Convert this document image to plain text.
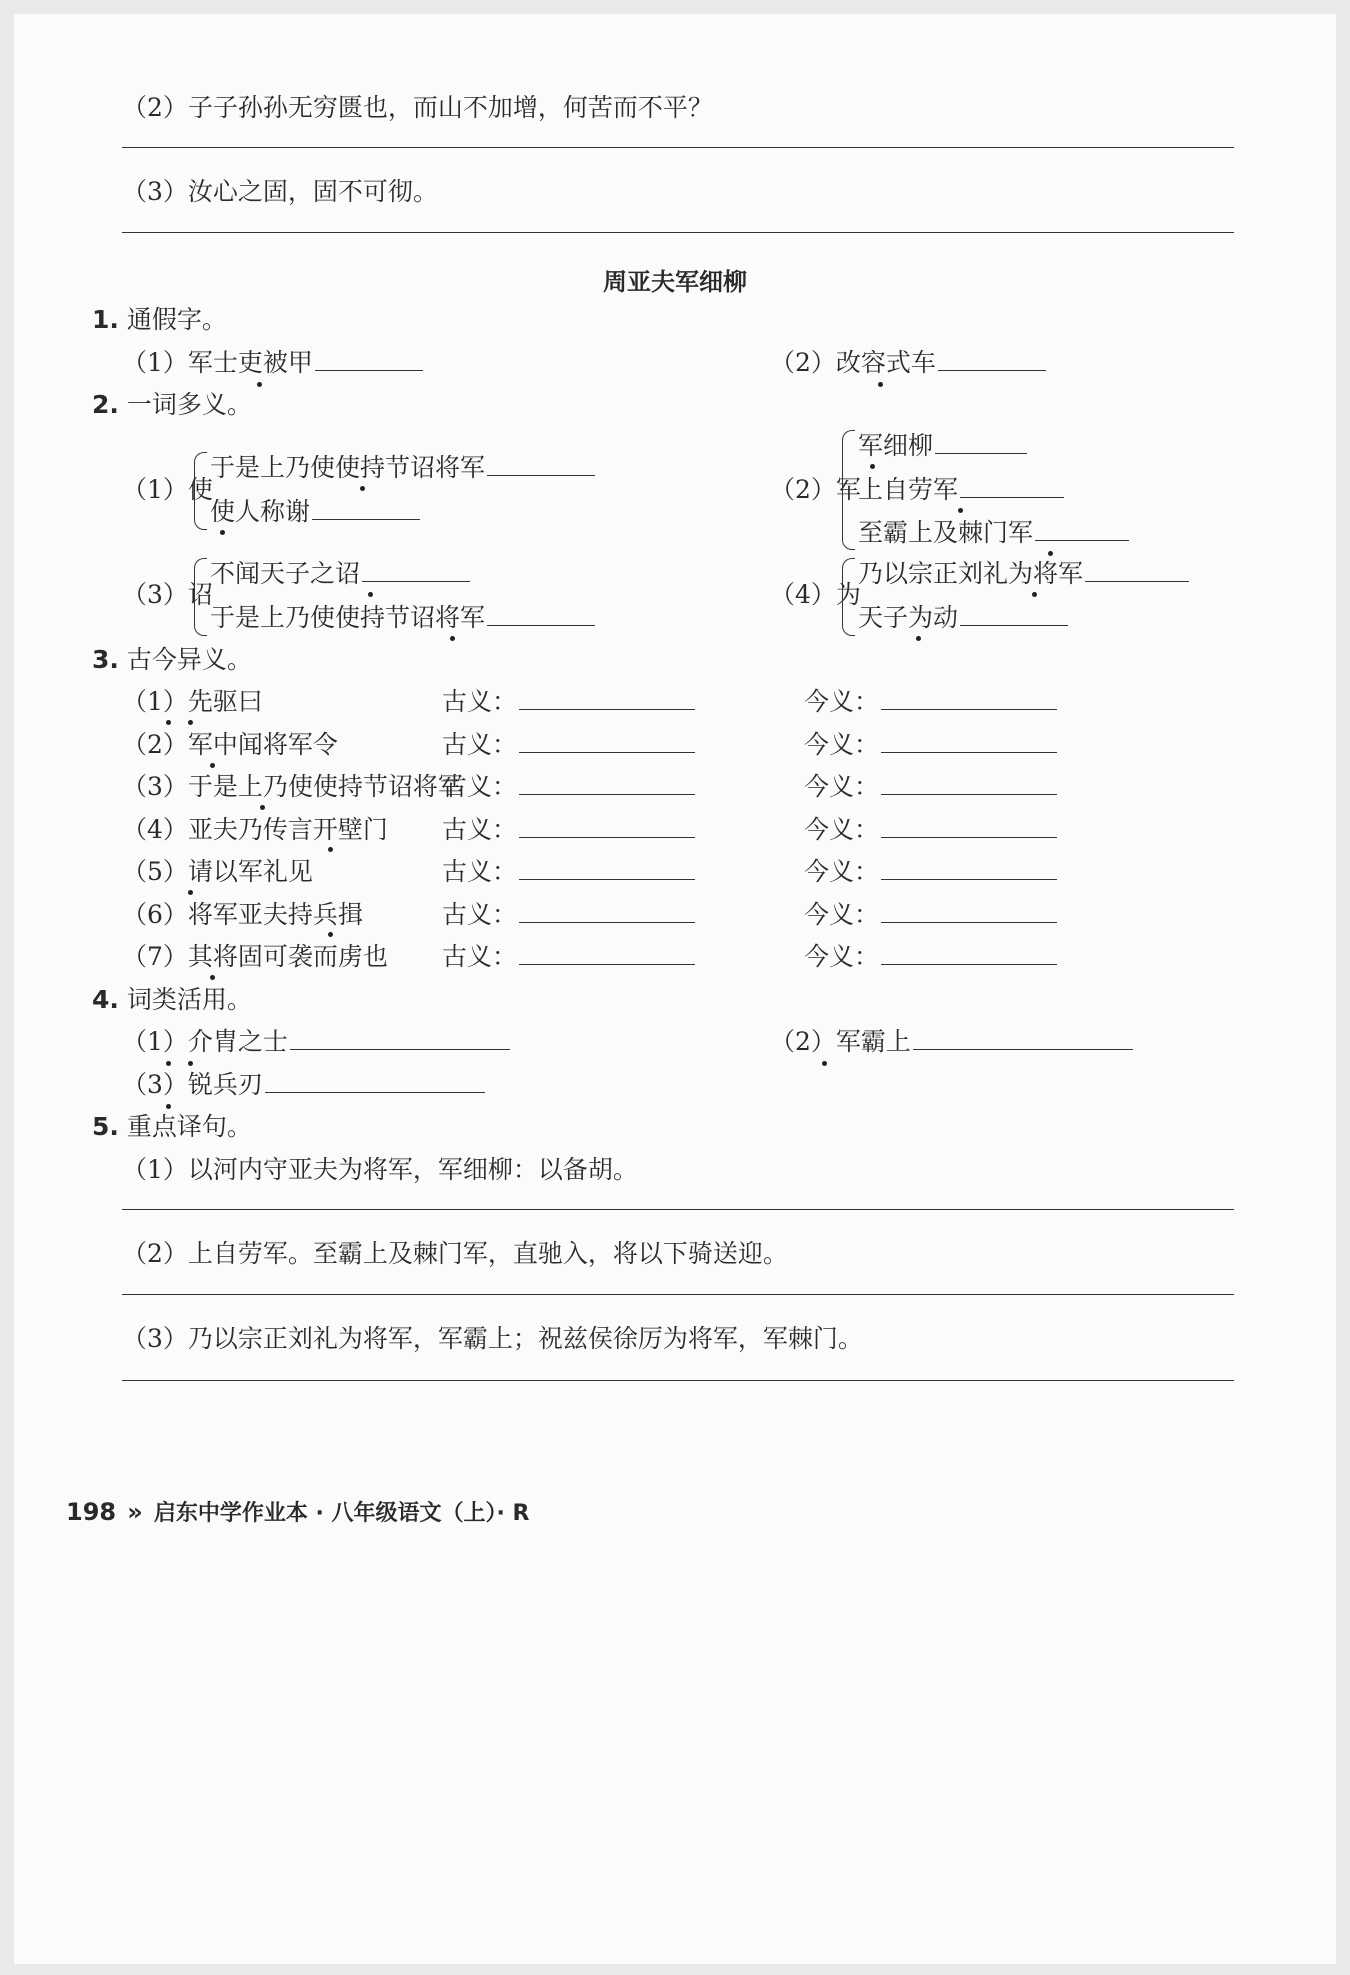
（2）子子孙孙无穷匮也，而山不加增，何苦而不平？
（3）汝心之固，固不可彻。
周亚夫军细柳
1. 通假字。
（1）军士吏被甲	（2）改容式车
2. 一词多义。
（1）使
于是上乃使使持节诏将军
使人称谢
（2）军
军细柳
上自劳军
至霸上及棘门军
（3）诏
不闻天子之诏
于是上乃使使持节诏将军
（4）为
乃以宗正刘礼为将军
天子为动
3. 古今异义。
（1）先驱曰	古义：	今义：
（2）军中闻将军令	古义：	今义：
（3）于是上乃使使持节诏将军
古义：	今义：
（4）亚夫乃传言开壁门 古义：	今义：
（5）请以军礼见	古义：	今义：
（6）将军亚夫持兵揖	古义：	今义：
（7）其将固可袭而虏也 古义：	今义：
4. 词类活用。
（1）介胄之士	（2）军霸上
（3）锐兵刃
5. 重点译句。
（1）以河内守亚夫为将军，军细柳：以备胡。
（2）上自劳军。至霸上及棘门军，直驰入，将以下骑送迎。
（3）乃以宗正刘礼为将军，军霸上；祝兹侯徐厉为将军，军棘门。
198 » 启东中学作业本 · 八年级语文（上）· R
